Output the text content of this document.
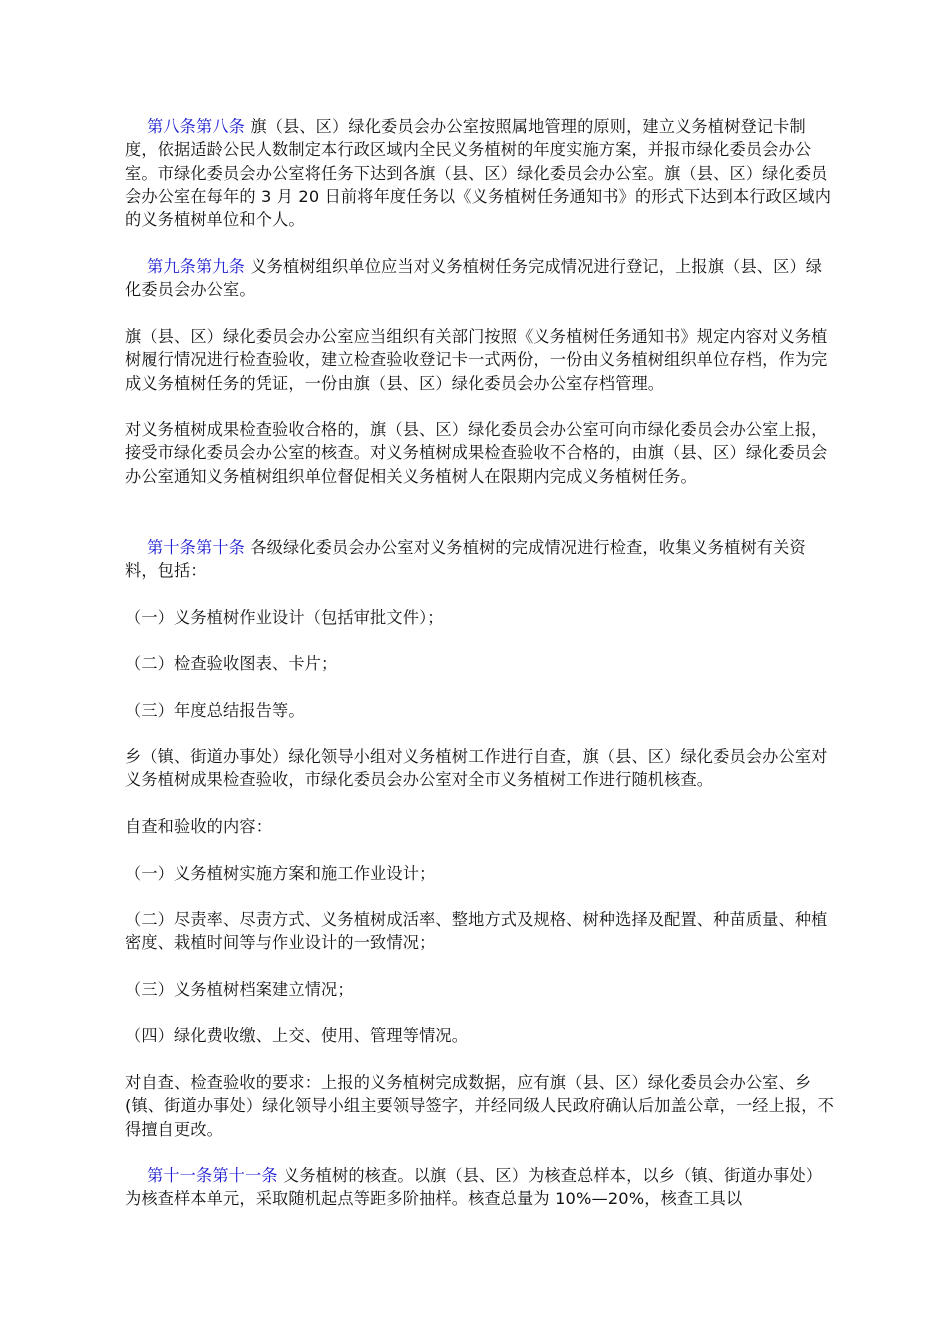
第八条第八条 旗（县、区）绿化委员会办公室按照属地管理的原则，建立义务植树登记卡制度，依据适龄公民人数制定本行政区域内全民义务植树的年度实施方案，并报市绿化委员会办公室。市绿化委员会办公室将任务下达到各旗（县、区）绿化委员会办公室。旗（县、区）绿化委员会办公室在每年的 3 月 20 日前将年度任务以《义务植树任务通知书》的形式下达到本行政区域内的义务植树单位和个人。

第九条第九条 义务植树组织单位应当对义务植树任务完成情况进行登记，上报旗（县、区）绿化委员会办公室。

旗（县、区）绿化委员会办公室应当组织有关部门按照《义务植树任务通知书》规定内容对义务植树履行情况进行检查验收，建立检查验收登记卡一式两份，一份由义务植树组织单位存档，作为完成义务植树任务的凭证，一份由旗（县、区）绿化委员会办公室存档管理。

对义务植树成果检查验收合格的，旗（县、区）绿化委员会办公室可向市绿化委员会办公室上报，接受市绿化委员会办公室的核查。对义务植树成果检查验收不合格的，由旗（县、区）绿化委员会办公室通知义务植树组织单位督促相关义务植树人在限期内完成义务植树任务。

第十条第十条 各级绿化委员会办公室对义务植树的完成情况进行检查，收集义务植树有关资料，包括：

（一）义务植树作业设计（包括审批文件）；

（二）检查验收图表、卡片；

（三）年度总结报告等。

乡（镇、街道办事处）绿化领导小组对义务植树工作进行自查，旗（县、区）绿化委员会办公室对义务植树成果检查验收，市绿化委员会办公室对全市义务植树工作进行随机核查。

自查和验收的内容：

（一）义务植树实施方案和施工作业设计；

（二）尽责率、尽责方式、义务植树成活率、整地方式及规格、树种选择及配置、种苗质量、种植密度、栽植时间等与作业设计的一致情况；

（三）义务植树档案建立情况；

（四）绿化费收缴、上交、使用、管理等情况。

对自查、检查验收的要求：上报的义务植树完成数据，应有旗（县、区）绿化委员会办公室、乡(镇、街道办事处）绿化领导小组主要领导签字，并经同级人民政府确认后加盖公章，一经上报，不得擅自更改。

第十一条第十一条 义务植树的核查。以旗（县、区）为核查总样本，以乡（镇、街道办事处）为核查样本单元，采取随机起点等距多阶抽样。核查总量为 10%—20%，核查工具以
